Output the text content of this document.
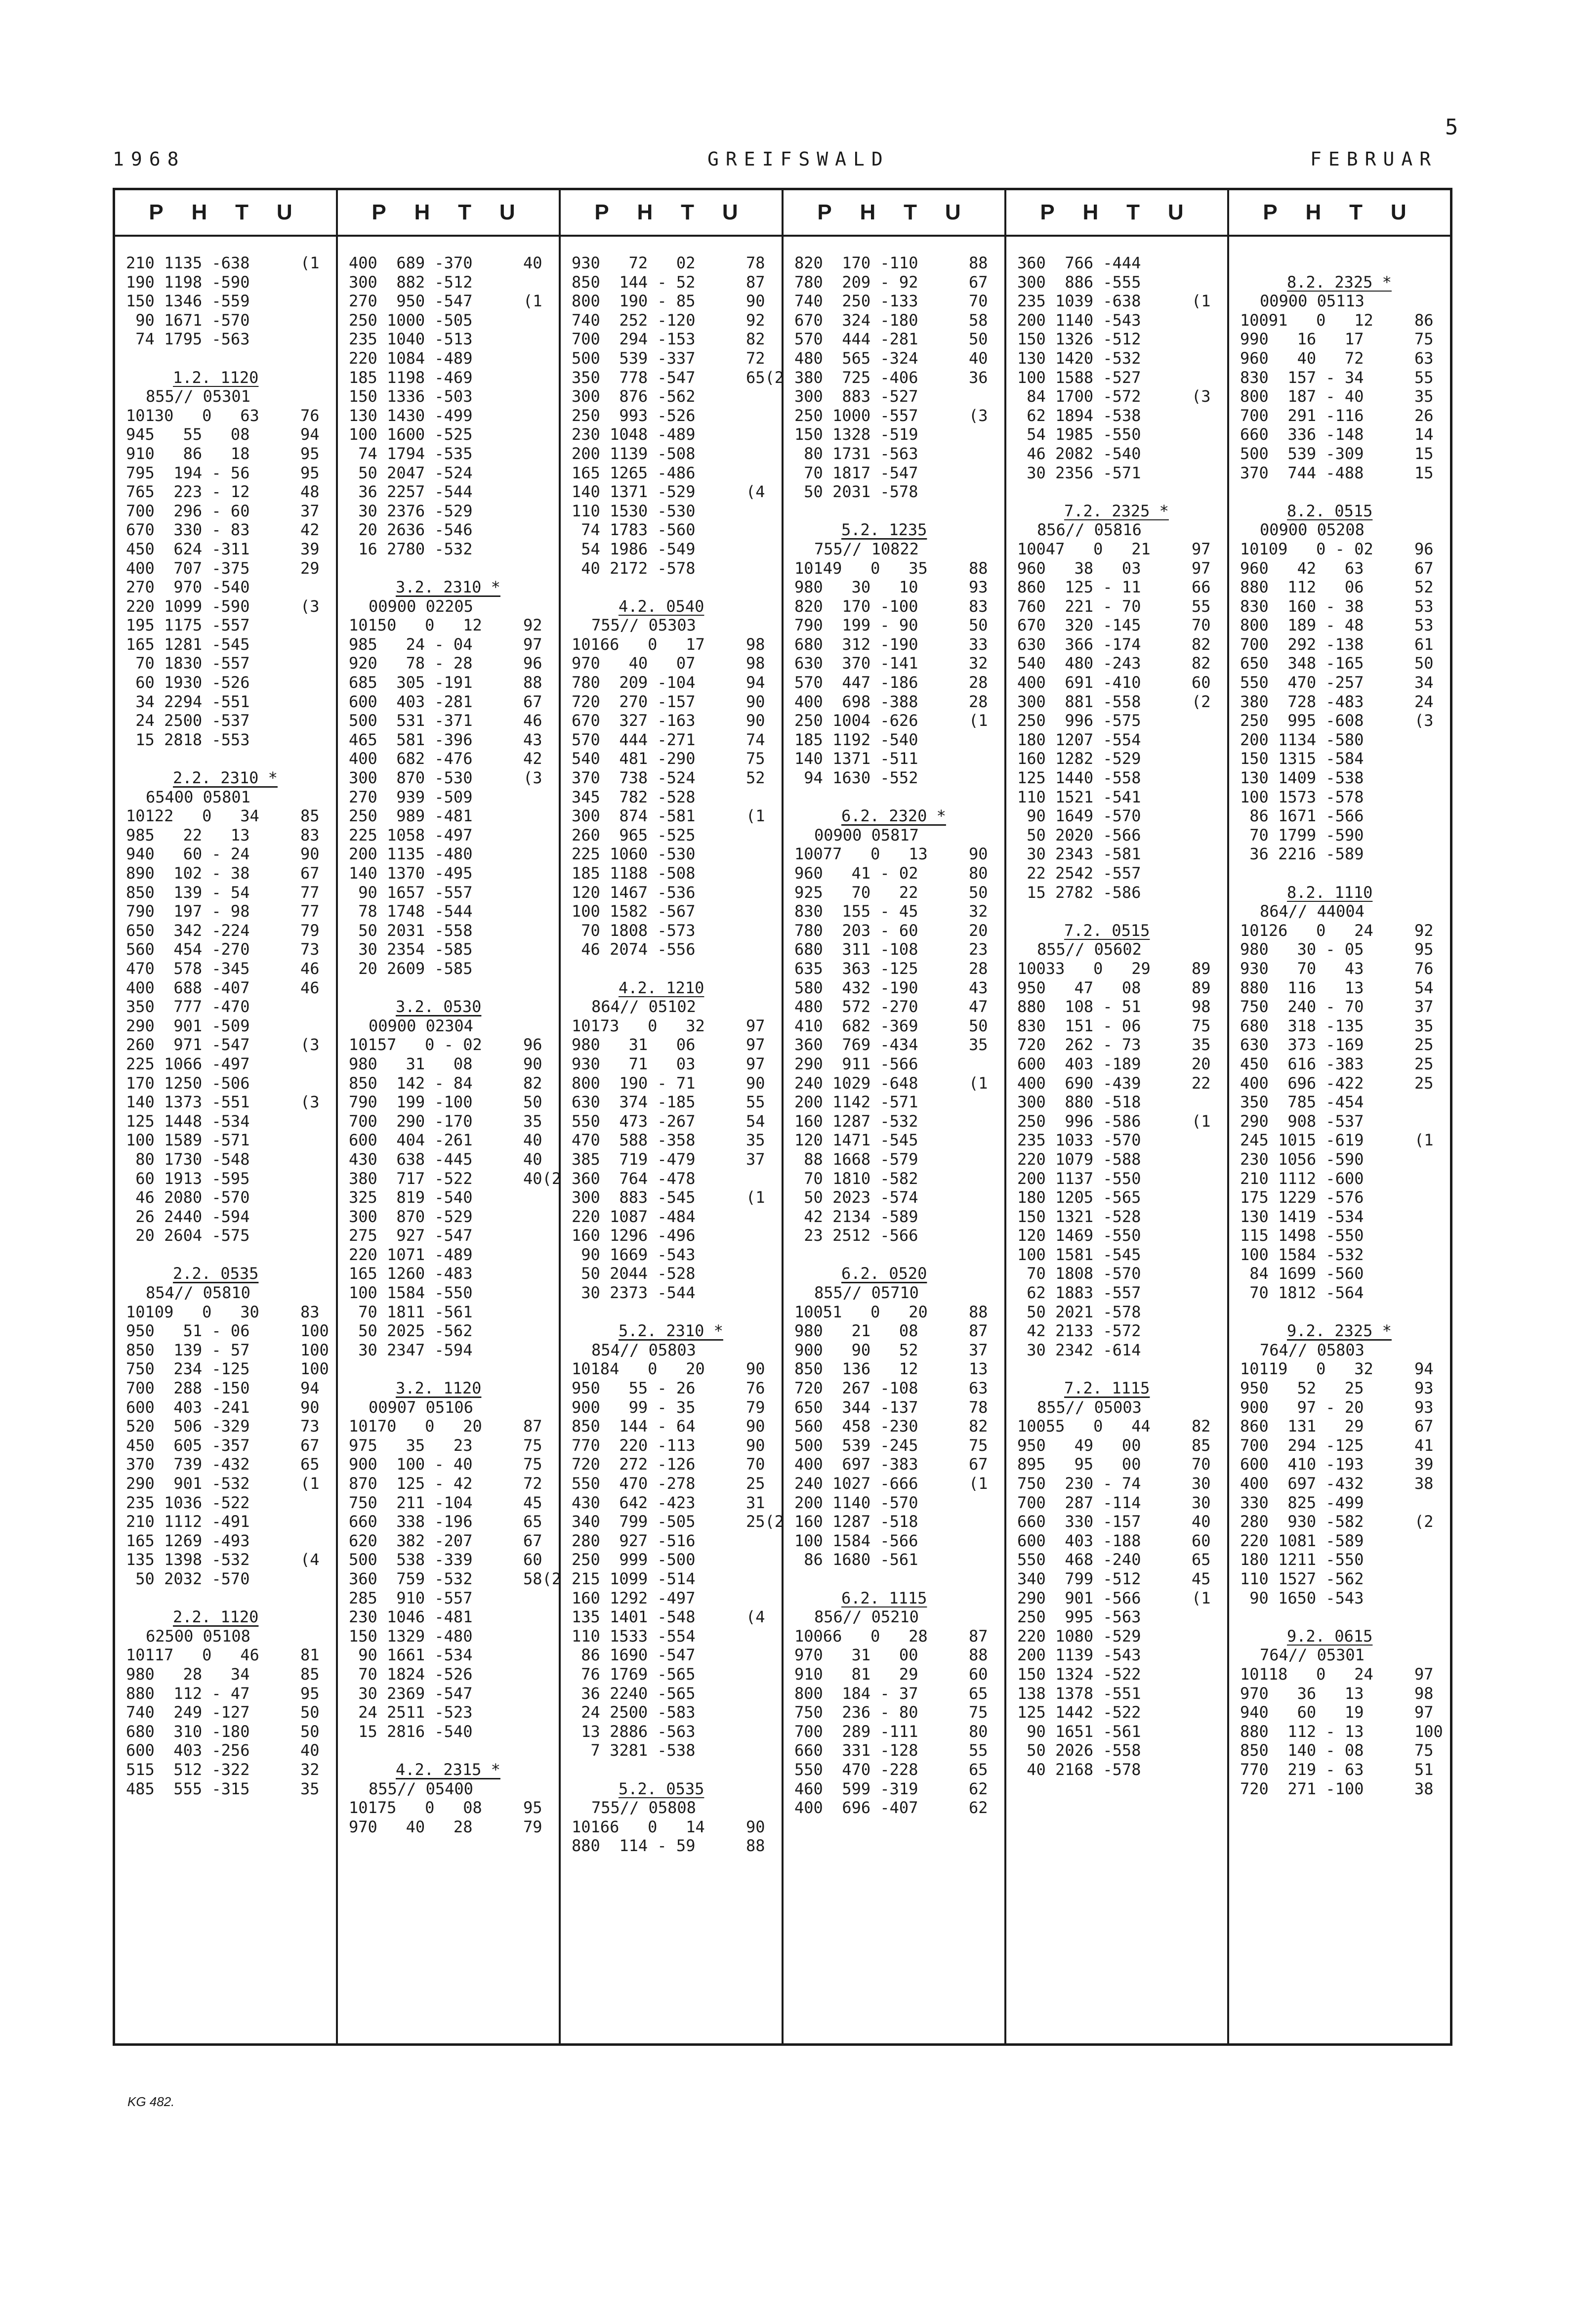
5
1968	GREIFSWALD	FEBRUAR
P H T U
210 1135 -638	(1
190 1198 -590
150 1346 -559
90 1671 -570
74 1795 -563
1.2. 1120
855// 05301
10130   0   63	76
945   55   08	94
910   86   18	95
795  194 - 56	95
765  223 - 12	48
700  296 - 60	37
670  330 - 83	42
450  624 -311	39
400  707 -375	29
270  970 -540
220 1099 -590	(3
195 1175 -557
165 1281 -545
70 1830 -557
60 1930 -526
34 2294 -551
24 2500 -537
15 2818 -553
2.2. 2310 *
65400 05801
10122   0   34	85
985   22   13	83
940   60 - 24	90
890  102 - 38	67
850  139 - 54	77
790  197 - 98	77
650  342 -224	79
560  454 -270	73
470  578 -345	46
400  688 -407	46
350  777 -470
290  901 -509
260  971 -547	(3
225 1066 -497
170 1250 -506
140 1373 -551	(3
125 1448 -534
100 1589 -571
80 1730 -548
60 1913 -595
46 2080 -570
26 2440 -594
20 2604 -575
2.2. 0535
854// 05810
10109   0   30	83
950   51 - 06	100
850  139 - 57	100
750  234 -125	100
700  288 -150	94
600  403 -241	90
520  506 -329	73
450  605 -357	67
370  739 -432	65
290  901 -532	(1
235 1036 -522
210 1112 -491
165 1269 -493
135 1398 -532	(4
50 2032 -570
2.2. 1120
62500 05108
10117   0   46	81
980   28   34	85
880  112 - 47	95
740  249 -127	50
680  310 -180	50
600  403 -256	40
515  512 -322	32
485  555 -315	35
P H T U
400  689 -370	40
300  882 -512
270  950 -547	(1
250 1000 -505
235 1040 -513
220 1084 -489
185 1198 -469
150 1336 -503
130 1430 -499
100 1600 -525
74 1794 -535
50 2047 -524
36 2257 -544
30 2376 -529
20 2636 -546
16 2780 -532
3.2. 2310 *
00900 02205
10150   0   12	92
985   24 - 04	97
920   78 - 28	96
685  305 -191	88
600  403 -281	67
500  531 -371	46
465  581 -396	43
400  682 -476	42
300  870 -530	(3
270  939 -509
250  989 -481
225 1058 -497
200 1135 -480
140 1370 -495
90 1657 -557
78 1748 -544
50 2031 -558
30 2354 -585
20 2609 -585
3.2. 0530
00900 02304
10157   0 - 02	96
980   31   08	90
850  142 - 84	82
790  199 -100	50
700  290 -170	35
600  404 -261	40
430  638 -445	40
380  717 -522	40(2
325  819 -540
300  870 -529
275  927 -547
220 1071 -489
165 1260 -483
100 1584 -550
70 1811 -561
50 2025 -562
30 2347 -594
3.2. 1120
00907 05106
10170   0   20	87
975   35   23	75
900  100 - 40	75
870  125 - 42	72
750  211 -104	45
660  338 -196	65
620  382 -207	67
500  538 -339	60
360  759 -532	58(2
285  910 -557
230 1046 -481
150 1329 -480
90 1661 -534
70 1824 -526
30 2369 -547
24 2511 -523
15 2816 -540
4.2. 2315 *
855// 05400
10175   0   08	95
970   40   28	79
P H T U
930   72   02	78
850  144 - 52	87
800  190 - 85	90
740  252 -120	92
700  294 -153	82
500  539 -337	72
350  778 -547	65(2
300  876 -562
250  993 -526
230 1048 -489
200 1139 -508
165 1265 -486
140 1371 -529	(4
110 1530 -530
74 1783 -560
54 1986 -549
40 2172 -578
4.2. 0540
755// 05303
10166   0   17	98
970   40   07	98
780  209 -104	94
720  270 -157	90
670  327 -163	90
570  444 -271	74
540  481 -290	75
370  738 -524	52
345  782 -528
300  874 -581	(1
260  965 -525
225 1060 -530
185 1188 -508
120 1467 -536
100 1582 -567
70 1808 -573
46 2074 -556
4.2. 1210
864// 05102
10173   0   32	97
980   31   06	97
930   71   03	97
800  190 - 71	90
630  374 -185	55
550  473 -267	54
470  588 -358	35
385  719 -479	37
360  764 -478
300  883 -545	(1
220 1087 -484
160 1296 -496
90 1669 -543
50 2044 -528
30 2373 -544
5.2. 2310 *
854// 05803
10184   0   20	90
950   55 - 26	76
900   99 - 35	79
850  144 - 64	90
770  220 -113	90
720  272 -126	70
550  470 -278	25
430  642 -423	31
340  799 -505	25(2
280  927 -516
250  999 -500
215 1099 -514
160 1292 -497
135 1401 -548	(4
110 1533 -554
86 1690 -547
76 1769 -565
36 2240 -565
24 2500 -583
13 2886 -563
7 3281 -538
5.2. 0535
755// 05808
10166   0   14	90
880  114 - 59	88
P H T U
820  170 -110	88
780  209 - 92	67
740  250 -133	70
670  324 -180	58
570  444 -281	50
480  565 -324	40
380  725 -406	36
300  883 -527
250 1000 -557	(3
150 1328 -519
80 1731 -563
70 1817 -547
50 2031 -578
5.2. 1235
755// 10822
10149   0   35	88
980   30   10	93
820  170 -100	83
790  199 - 90	50
680  312 -190	33
630  370 -141	32
570  447 -186	28
400  698 -388	28
250 1004 -626	(1
185 1192 -540
140 1371 -511
94 1630 -552
6.2. 2320 *
00900 05817
10077   0   13	90
960   41 - 02	80
925   70   22	50
830  155 - 45	32
780  203 - 60	20
680  311 -108	23
635  363 -125	28
580  432 -190	43
480  572 -270	47
410  682 -369	50
360  769 -434	35
290  911 -566
240 1029 -648	(1
200 1142 -571
160 1287 -532
120 1471 -545
88 1668 -579
70 1810 -582
50 2023 -574
42 2134 -589
23 2512 -566
6.2. 0520
855// 05710
10051   0   20	88
980   21   08	87
900   90   52	37
850  136   12	13
720  267 -108	63
650  344 -137	78
560  458 -230	82
500  539 -245	75
400  697 -383	67
240 1027 -666	(1
200 1140 -570
160 1287 -518
100 1584 -566
86 1680 -561
6.2. 1115
856// 05210
10066   0   28	87
970   31   00	88
910   81   29	60
800  184 - 37	65
750  236 - 80	75
700  289 -111	80
660  331 -128	55
550  470 -228	65
460  599 -319	62
400  696 -407	62
P H T U
360  766 -444
300  886 -555
235 1039 -638	(1
200 1140 -543
150 1326 -512
130 1420 -532
100 1588 -527
84 1700 -572	(3
62 1894 -538
54 1985 -550
46 2082 -540
30 2356 -571
7.2. 2325 *
856// 05816
10047   0   21	97
960   38   03	97
860  125 - 11	66
760  221 - 70	55
670  320 -145	70
630  366 -174	82
540  480 -243	82
400  691 -410	60
300  881 -558	(2
250  996 -575
180 1207 -554
160 1282 -529
125 1440 -558
110 1521 -541
90 1649 -570
50 2020 -566
30 2343 -581
22 2542 -557
15 2782 -586
7.2. 0515
855// 05602
10033   0   29	89
950   47   08	89
880  108 - 51	98
830  151 - 06	75
720  262 - 73	35
600  403 -189	20
400  690 -439	22
300  880 -518
250  996 -586	(1
235 1033 -570
220 1079 -588
200 1137 -550
180 1205 -565
150 1321 -528
120 1469 -550
100 1581 -545
70 1808 -570
62 1883 -557
50 2021 -578
42 2133 -572
30 2342 -614
7.2. 1115
855// 05003
10055   0   44	82
950   49   00	85
895   95   00	70
750  230 - 74	30
700  287 -114	30
660  330 -157	40
600  403 -188	60
550  468 -240	65
340  799 -512	45
290  901 -566	(1
250  995 -563
220 1080 -529
200 1139 -543
150 1324 -522
138 1378 -551
125 1442 -522
90 1651 -561
50 2026 -558
40 2168 -578
P H T U
8.2. 2325 *
00900 05113
10091   0   12	86
990   16   17	75
960   40   72	63
830  157 - 34	55
800  187 - 40	35
700  291 -116	26
660  336 -148	14
500  539 -309	15
370  744 -488	15
8.2. 0515
00900 05208
10109   0 - 02	96
960   42   63	67
880  112   06	52
830  160 - 38	53
800  189 - 48	53
700  292 -138	61
650  348 -165	50
550  470 -257	34
380  728 -483	24
250  995 -608	(3
200 1134 -580
150 1315 -584
130 1409 -538
100 1573 -578
86 1671 -566
70 1799 -590
36 2216 -589
8.2. 1110
864// 44004
10126   0   24	92
980   30 - 05	95
930   70   43	76
880  116   13	54
750  240 - 70	37
680  318 -135	35
630  373 -169	25
450  616 -383	25
400  696 -422	25
350  785 -454
290  908 -537
245 1015 -619	(1
230 1056 -590
210 1112 -600
175 1229 -576
130 1419 -534
115 1498 -550
100 1584 -532
84 1699 -560
70 1812 -564
9.2. 2325 *
764// 05803
10119   0   32	94
950   52   25	93
900   97 - 20	93
860  131   29	67
700  294 -125	41
600  410 -193	39
400  697 -432	38
330  825 -499
280  930 -582	(2
220 1081 -589
180 1211 -550
110 1527 -562
90 1650 -543
9.2. 0615
764// 05301
10118   0   24	97
970   36   13	98
940   60   19	97
880  112 - 13	100
850  140 - 08	75
770  219 - 63	51
720  271 -100	38
KG 482.
